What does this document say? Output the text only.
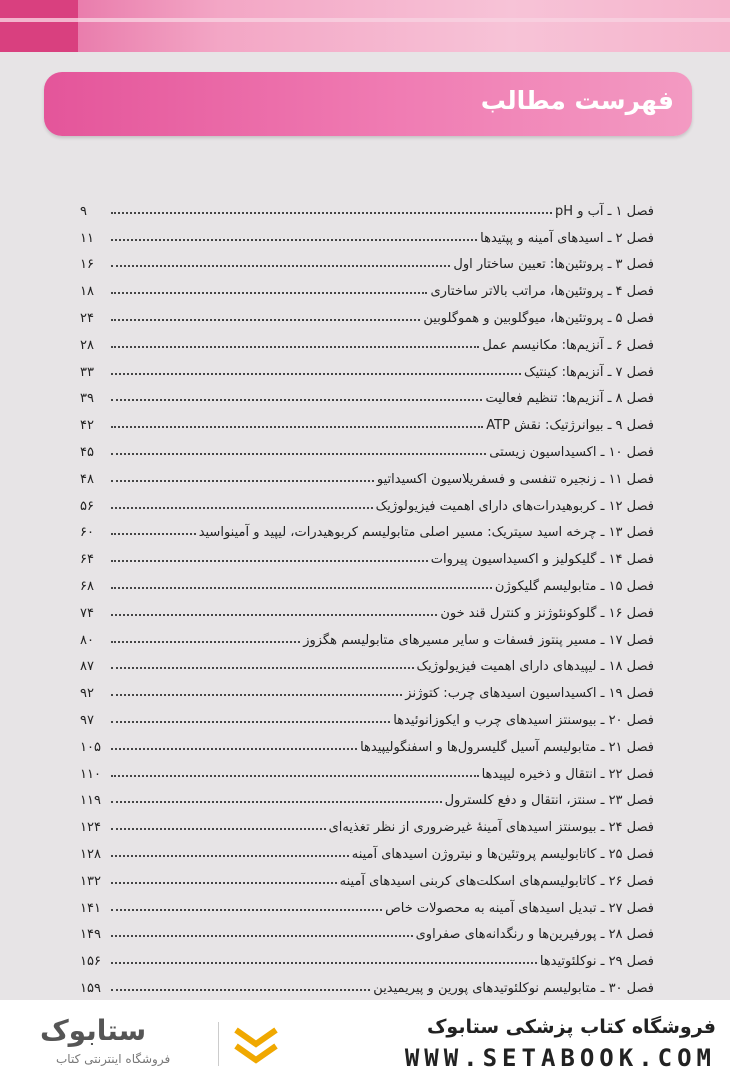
فهرست مطالب
فصل ۱ ـ آب و pH
۹
فصل ۲ ـ اسیدهای آمینه و پپتیدها
۱۱
فصل ۳ ـ پروتئین‌ها: تعیین ساختار اول
۱۶
فصل ۴ ـ پروتئین‌ها، مراتب بالاتر ساختاری
۱۸
فصل ۵ ـ پروتئین‌ها، میوگلوبین و هموگلوبین
۲۴
فصل ۶ ـ آنزیم‌ها: مکانیسم عمل
۲۸
فصل ۷ ـ آنزیم‌ها: کینتیک
۳۳
فصل ۸ ـ آنزیم‌ها: تنظیم فعالیت
۳۹
فصل ۹ ـ بیوانرژتیک: نقش ATP
۴۲
فصل ۱۰ ـ اکسیداسیون زیستی
۴۵
فصل ۱۱ ـ زنجیره تنفسی و فسفریلاسیون اکسیداتیو
۴۸
فصل ۱۲ ـ کربوهیدرات‌های دارای اهمیت فیزیولوژیک
۵۶
فصل ۱۳ ـ چرخه اسید سیتریک: مسیر اصلی متابولیسم کربوهیدرات، لیپید و آمینواسید
۶۰
فصل ۱۴ ـ گلیکولیز و اکسیداسیون پیروات
۶۴
فصل ۱۵ ـ متابولیسم گلیکوژن
۶۸
فصل ۱۶ ـ گلوکونئوژنز و کنترل قند خون
۷۴
فصل ۱۷ ـ مسیر پنتوز فسفات و سایر مسیرهای متابولیسم هگزوز
۸۰
فصل ۱۸ ـ لیپیدهای دارای اهمیت فیزیولوژیک
۸۷
فصل ۱۹ ـ اکسیداسیون اسیدهای چرب: کتوژنز
۹۲
فصل ۲۰ ـ بیوسنتز اسیدهای چرب و ایکوزانوئیدها
۹۷
فصل ۲۱ ـ متابولیسم آسیل گلیسرول‌ها و اسفنگولیپیدها
۱۰۵
فصل ۲۲ ـ انتقال و ذخیره لیپیدها
۱۱۰
فصل ۲۳ ـ سنتز، انتقال و دفع کلسترول
۱۱۹
فصل ۲۴ ـ بیوسنتز اسیدهای آمینهٔ غیرضروری از نظر تغذیه‌ای
۱۲۴
فصل ۲۵ ـ کاتابولیسم پروتئین‌ها و نیتروژن اسیدهای آمینه
۱۲۸
فصل ۲۶ ـ کاتابولیسم‌های اسکلت‌های کربنی اسیدهای آمینه
۱۳۲
فصل ۲۷ ـ تبدیل اسیدهای آمینه به محصولات خاص
۱۴۱
فصل ۲۸ ـ پورفیرین‌ها و رنگدانه‌های صفراوی
۱۴۹
فصل ۲۹ ـ نوکلئوتیدها
۱۵۶
فصل ۳۰ ـ متابولیسم نوکلئوتیدهای پورین و پیریمیدین
۱۵۹
فروشگاه کتاب پزشکی ستابوک
WWW.SETABOOK.COM
ستابوک
فروشگاه اینترنتی کتاب
